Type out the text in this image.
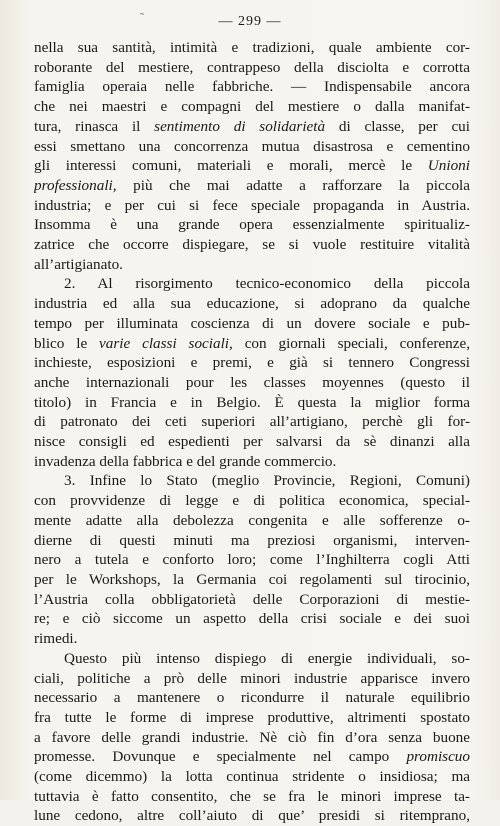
˜	— 299 —
nella sua santità, intimità e tradizioni, quale ambiente cor-
roborante del mestiere, contrappeso della disciolta e corrotta
famiglia operaia nelle fabbriche. — Indispensabile ancora
che nei maestri e compagni del mestiere o dalla manifat-
tura, rinasca il sentimento di solidarietà di classe, per cui
essi smettano una concorrenza mutua disastrosa e cementino
gli interessi comuni, materiali e morali, mercè le Unioni
professionali, più che mai adatte a rafforzare la piccola
industria; e per cui si fece speciale propaganda in Austria.
Insomma è una grande opera essenzialmente spiritualiz-
zatrice che occorre dispiegare, se si vuole restituire vitalità
all’artigianato.
2. Al risorgimento tecnico-economico della piccola
industria ed alla sua educazione, si adoprano da qualche
tempo per illuminata coscienza di un dovere sociale e pub-
blico le varie classi sociali, con giornali speciali, conferenze,
inchieste, esposizioni e premi, e già si tennero Congressi
anche internazionali pour les classes moyennes (questo il
titolo) in Francia e in Belgio. È questa la miglior forma
di patronato dei ceti superiori all’artigiano, perchè gli for-
nisce consigli ed espedienti per salvarsi da sè dinanzi alla
invadenza della fabbrica e del grande commercio.
3. Infine lo Stato (meglio Provincie, Regioni, Comuni)
con provvidenze di legge e di politica economica, special-
mente adatte alla debolezza congenita e alle sofferenze o-
dierne di questi minuti ma preziosi organismi, interven-
nero a tutela e conforto loro; come l’Inghilterra cogli Atti
per le Workshops, la Germania coi regolamenti sul tirocinio,
l’Austria colla obbligatorietà delle Corporazioni di mestie-
re; e ciò siccome un aspetto della crisi sociale e dei suoi
rimedi.
Questo più intenso dispiego di energie individuali, so-
ciali, politiche a prò delle minori industrie apparisce invero
necessario a mantenere o ricondurre il naturale equilibrio
fra tutte le forme di imprese produttive, altrimenti spostato
a favore delle grandi industrie. Nè ciò fin d’ora senza buone
promesse. Dovunque e specialmente nel campo promiscuo
(come dicemmo) la lotta continua stridente o insidiosa; ma
tuttavia è fatto consentito, che se fra le minori imprese ta-
lune cedono, altre coll’aiuto di que’ presidi si ritemprano,
